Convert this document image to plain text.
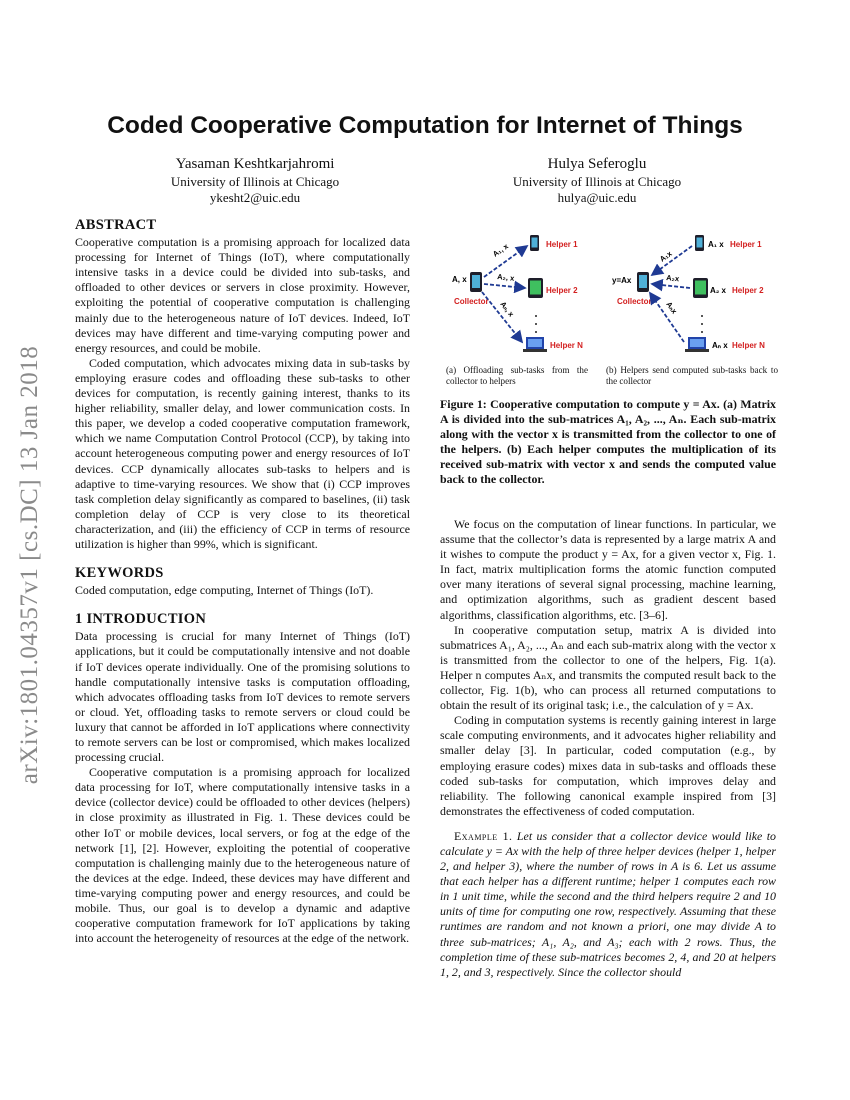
arXiv:1801.04357v1 [cs.DC] 13 Jan 2018
Coded Cooperative Computation for Internet of Things
Yasaman Keshtkarjahromi
University of Illinois at Chicago
ykesht2@uic.edu
Hulya Seferoglu
University of Illinois at Chicago
hulya@uic.edu
ABSTRACT

Cooperative computation is a promising approach for localized data processing for Internet of Things (IoT), where computationally intensive tasks in a device could be divided into sub-tasks, and offloaded to other devices or servers in close proximity. However, exploiting the potential of cooperative computation is challenging mainly due to the heterogeneous nature of IoT devices. Indeed, IoT devices may have different and time-varying computing power and energy resources, and could be mobile.

Coded computation, which advocates mixing data in sub-tasks by employing erasure codes and offloading these sub-tasks to other devices for computation, is recently gaining interest, thanks to its higher reliability, smaller delay, and lower communication costs. In this paper, we develop a coded cooperative computation framework, which we name Computation Control Protocol (CCP), by taking into account heterogeneous computing power and energy resources of IoT devices. CCP dynamically allocates sub-tasks to helpers and is adaptive to time-varying resources. We show that (i) CCP improves task completion delay significantly as compared to baselines, (ii) task completion delay of CCP is very close to its theoretical characterization, and (iii) the efficiency of CCP in terms of resource utilization is higher than 99%, which is significant.

KEYWORDS

Coded computation, edge computing, Internet of Things (IoT).

1 INTRODUCTION

Data processing is crucial for many Internet of Things (IoT) applications, but it could be computationally intensive and not doable if IoT devices operate individually. One of the promising solutions to handle computationally intensive tasks is computation offloading, which advocates offloading tasks from IoT devices to remote servers or cloud. Yet, offloading tasks to remote servers or cloud could be luxury that cannot be afforded in IoT applications where connectivity to remote servers can be lost or compromised, which makes localized processing crucial.

Cooperative computation is a promising approach for localized data processing for IoT, where computationally intensive tasks in a device (collector device) could be offloaded to other devices (helpers) in close proximity as illustrated in Fig. 1. These devices could be other IoT or mobile devices, local servers, or fog at the edge of the network [1], [2]. However, exploiting the potential of cooperative computation is challenging mainly due to the heterogeneous nature of the devices at the edge. Indeed, these devices may have different and time-varying computing power and energy resources, and could be mobile. Thus, our goal is to develop a dynamic and adaptive cooperative computation framework for IoT applications by taking into account the heterogeneity of resources at the edge of the network.

A, x
Collector
Helper 1
Helper 2
Helper N
A₁, x
A₂, x
Aₙ, x
y=Ax
Collector
A₁ x Helper 1
A₂ x Helper 2
Aₙ x Helper N
A₁x
A₂x
Aₙx
(a) Offloading sub-tasks from the collector to helpers
(b) Helpers send computed sub-tasks back to the collector
Figure 1: Cooperative computation to compute y = Ax. (a) Matrix A is divided into the sub-matrices A₁, A₂, ..., Aₙ. Each sub-matrix along with the vector x is transmitted from the collector to one of the helpers. (b) Each helper computes the multiplication of its received sub-matrix with vector x and sends the computed value back to the collector.

We focus on the computation of linear functions. In particular, we assume that the collector’s data is represented by a large matrix A and it wishes to compute the product y = Ax, for a given vector x, Fig. 1. In fact, matrix multiplication forms the atomic function computed over many iterations of several signal processing, machine learning, and optimization algorithms, such as gradient descent based algorithms, classification algorithms, etc. [3–6].

In cooperative computation setup, matrix A is divided into submatrices A₁, A₂, ..., Aₙ and each sub-matrix along with the vector x is transmitted from the collector to one of the helpers, Fig. 1(a). Helper n computes Aₙx, and transmits the computed result back to the collector, Fig. 1(b), who can process all returned computations to obtain the result of its original task; i.e., the calculation of y = Ax.

Coding in computation systems is recently gaining interest in large scale computing environments, and it advocates higher reliability and smaller delay [3]. In particular, coded computation (e.g., by employing erasure codes) mixes data in sub-tasks and offloads these coded sub-tasks for computation, which improves delay and reliability. The following canonical example inspired from [3] demonstrates the effectiveness of coded computation.

Example 1. Let us consider that a collector device would like to calculate y = Ax with the help of three helper devices (helper 1, helper 2, and helper 3), where the number of rows in A is 6. Let us assume that each helper has a different runtime; helper 1 computes each row in 1 unit time, while the second and the third helpers require 2 and 10 units of time for computing one row, respectively. Assuming that these runtimes are random and not known a priori, one may divide A to three sub-matrices; A₁, A₂, and A₃; each with 2 rows. Thus, the completion time of these sub-matrices becomes 2, 4, and 20 at helpers 1, 2, and 3, respectively. Since the collector should
